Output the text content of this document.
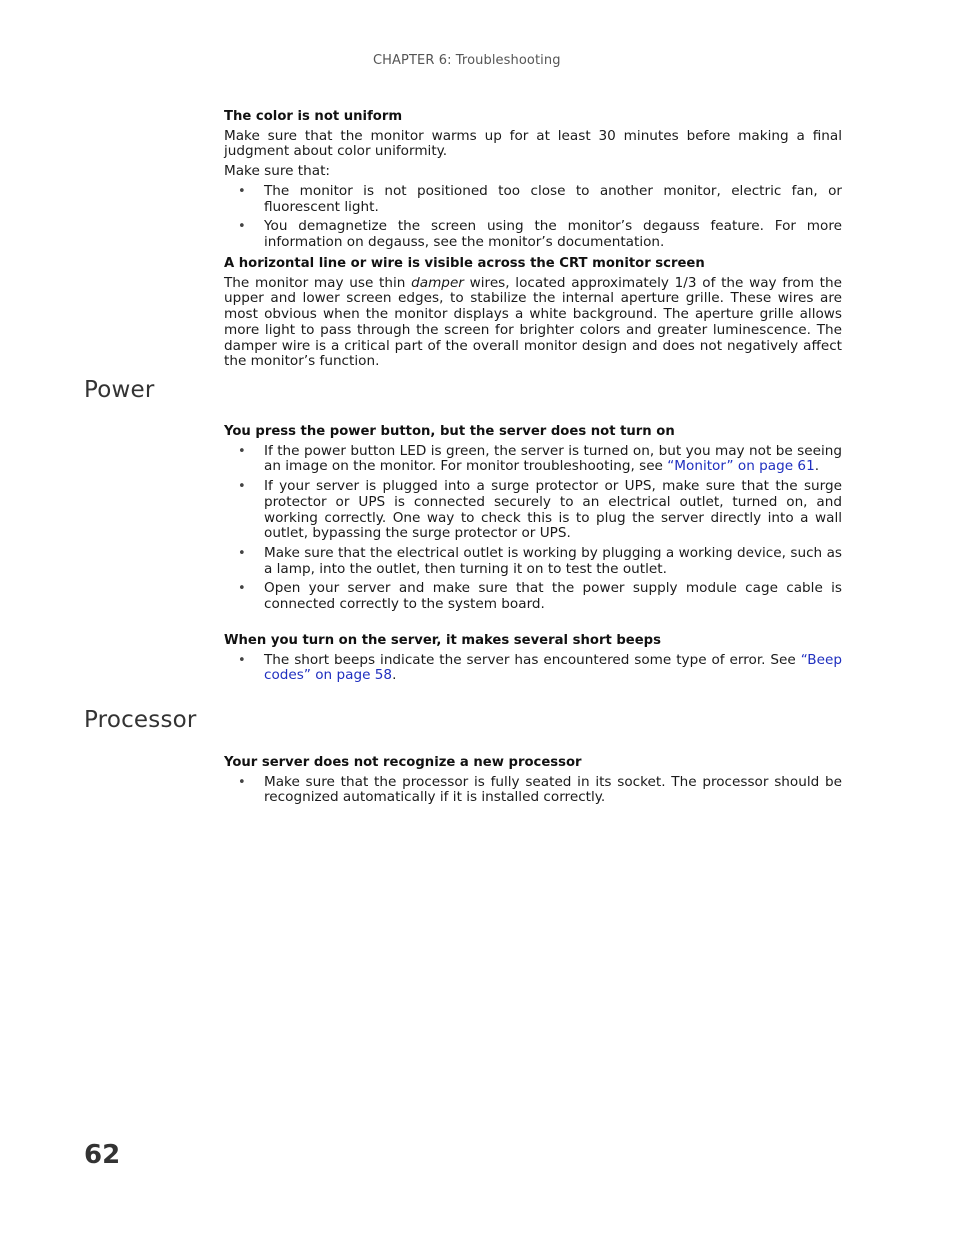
CHAPTER 6: Troubleshooting

The color is not uniform

Make sure that the monitor warms up for at least 30 minutes before making a final judgment about color uniformity.

Make sure that:

• The monitor is not positioned too close to another monitor, electric fan, or fluorescent light.
• You demagnetize the screen using the monitor’s degauss feature. For more information on degauss, see the monitor’s documentation.

A horizontal line or wire is visible across the CRT monitor screen

The monitor may use thin damper wires, located approximately 1/3 of the way from the upper and lower screen edges, to stabilize the internal aperture grille. These wires are most obvious when the monitor displays a white background. The aperture grille allows more light to pass through the screen for brighter colors and greater luminescence. The damper wire is a critical part of the overall monitor design and does not negatively affect the monitor’s function.

Power

You press the power button, but the server does not turn on

• If the power button LED is green, the server is turned on, but you may not be seeing an image on the monitor. For monitor troubleshooting, see “Monitor” on page 61.
• If your server is plugged into a surge protector or UPS, make sure that the surge protector or UPS is connected securely to an electrical outlet, turned on, and working correctly. One way to check this is to plug the server directly into a wall outlet, bypassing the surge protector or UPS.
• Make sure that the electrical outlet is working by plugging a working device, such as a lamp, into the outlet, then turning it on to test the outlet.
• Open your server and make sure that the power supply module cage cable is connected correctly to the system board.

When you turn on the server, it makes several short beeps

• The short beeps indicate the server has encountered some type of error. See “Beep codes” on page 58.
Processor

Your server does not recognize a new processor

• Make sure that the processor is fully seated in its socket. The processor should be recognized automatically if it is installed correctly.
62
